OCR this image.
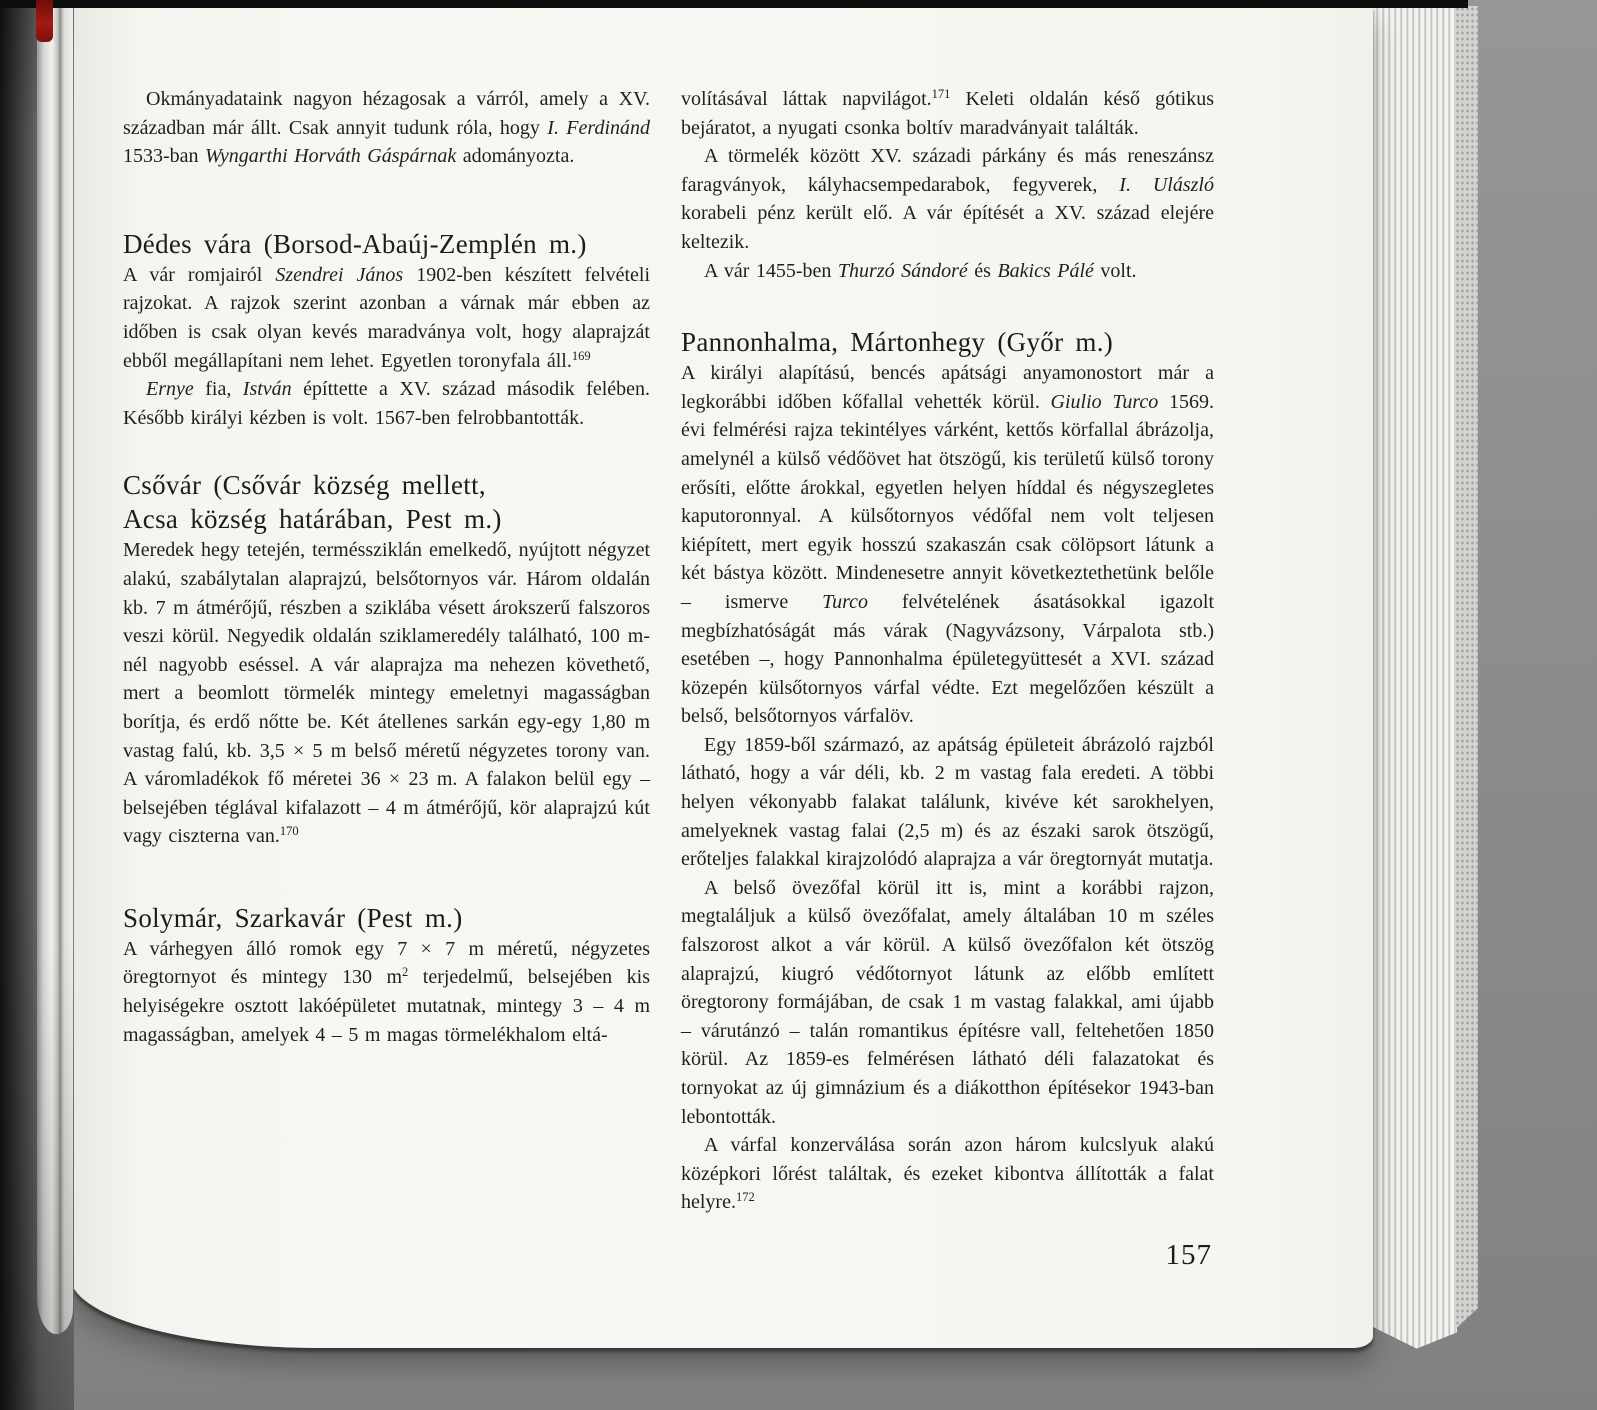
Okmányadataink nagyon hézagosak a várról, amely a XV. században már állt. Csak annyit tudunk róla, hogy I. Ferdinánd 1533-ban Wyngarthi Horváth Gáspárnak adományozta.

Dédes vára (Borsod-Abaúj-Zemplén m.)

A vár romjairól Szendrei János 1902-ben készített felvételi rajzokat. A rajzok szerint azonban a várnak már ebben az időben is csak olyan kevés maradványa volt, hogy alaprajzát ebből megállapítani nem lehet. Egyetlen toronyfala áll.$^{169}$

Ernye fia, István építtette a XV. század második felében. Később királyi kézben is volt. 1567-ben felrobbantották.

Csővár (Csővár község mellett,
Acsa község határában, Pest m.)

Meredek hegy tetején, terméssziklán emelkedő, nyújtott négyzet alakú, szabálytalan alaprajzú, belsőtornyos vár. Három oldalán kb. 7 m átmérőjű, részben a sziklába vésett árokszerű falszoros veszi körül. Negyedik oldalán sziklameredély található, 100 m-nél nagyobb eséssel. A vár alaprajza ma nehezen követhető, mert a beomlott törmelék mintegy emeletnyi magasságban borítja, és erdő nőtte be. Két átellenes sarkán egy-egy 1,80 m vastag falú, kb. 3,5 × 5 m belső méretű négyzetes torony van. A váromladékok fő méretei 36 × 23 m. A falakon belül egy – belsejében téglával kifalazott – 4 m átmérőjű, kör alaprajzú kút vagy ciszterna van.$^{170}$

Solymár, Szarkavár (Pest m.)

A várhegyen álló romok egy 7 × 7 m méretű, négyzetes öregtornyot és mintegy 130 m$^2$ terjedelmű, belsejében kis helyiségekre osztott lakóépületet mutatnak, mintegy 3 – 4 m magasságban, amelyek 4 – 5 m magas törmelékhalom eltá-

volításával láttak napvilágot.$^{171}$ Keleti oldalán késő gótikus bejáratot, a nyugati csonka boltív maradványait találták.

A törmelék között XV. századi párkány és más reneszánsz faragványok, kályhacsempedarabok, fegyverek, I. Ulászló korabeli pénz került elő. A vár építését a XV. század elejére keltezik.

A vár 1455-ben Thurzó Sándoré és Bakics Pálé volt.

Pannonhalma, Mártonhegy (Győr m.)

A királyi alapítású, bencés apátsági anyamonostort már a legkorábbi időben kőfallal vehették körül. Giulio Turco 1569. évi felmérési rajza tekintélyes várként, kettős körfallal ábrázolja, amelynél a külső védőövet hat ötszögű, kis területű külső torony erősíti, előtte árokkal, egyetlen helyen híddal és négyszegletes kaputoronnyal. A külsőtornyos védőfal nem volt teljesen kiépített, mert egyik hosszú szakaszán csak cölöpsort látunk a két bástya között. Mindenesetre annyit következtethetünk belőle – ismerve Turco felvételének ásatásokkal igazolt megbízhatóságát más várak (Nagyvázsony, Várpalota stb.) esetében –, hogy Pannonhalma épületegyüttesét a XVI. század közepén külsőtornyos várfal védte. Ezt megelőzően készült a belső, belsőtornyos várfalöv.

Egy 1859-ből származó, az apátság épületeit ábrázoló rajzból látható, hogy a vár déli, kb. 2 m vastag fala eredeti. A többi helyen vékonyabb falakat találunk, kivéve két sarokhelyen, amelyeknek vastag falai (2,5 m) és az északi sarok ötszögű, erőteljes falakkal kirajzolódó alaprajza a vár öregtornyát mutatja.

A belső övezőfal körül itt is, mint a korábbi rajzon, megtaláljuk a külső övezőfalat, amely általában 10 m széles falszorost alkot a vár körül. A külső övezőfalon két ötszög alaprajzú, kiugró védőtornyot látunk az előbb említett öregtorony formájában, de csak 1 m vastag falakkal, ami újabb – várutánzó – talán romantikus építésre vall, feltehetően 1850 körül. Az 1859-es felmérésen látható déli falazatokat és tornyokat az új gimnázium és a diákotthon építésekor 1943-ban lebontották.

A várfal konzerválása során azon három kulcslyuk alakú középkori lőrést találtak, és ezeket kibontva állították a falat helyre.$^{172}$

157
